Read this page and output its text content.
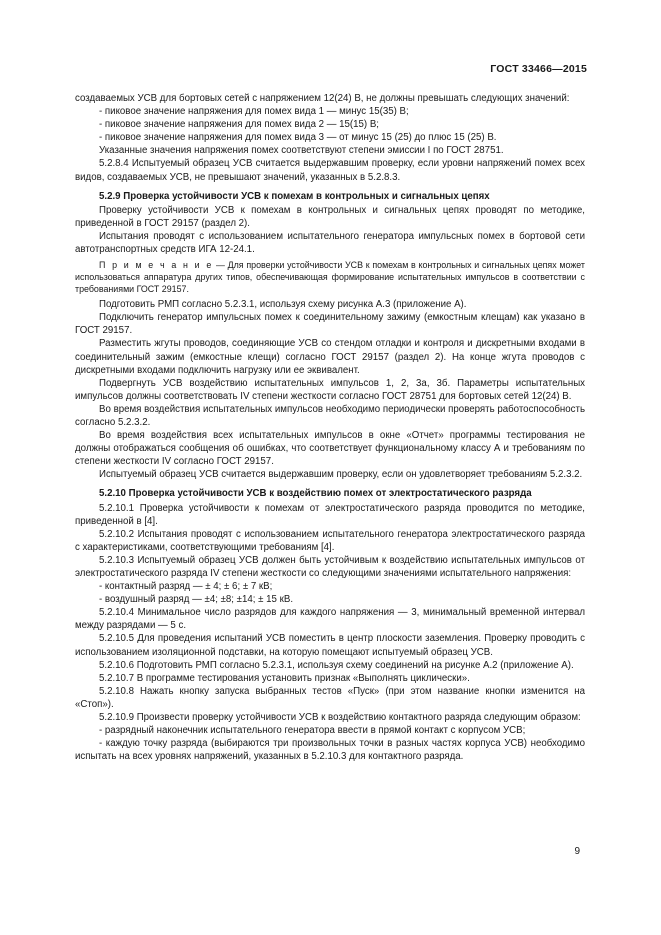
ГОСТ 33466—2015

создаваемых УСВ для бортовых сетей с напряжением 12(24) В, не должны превышать следующих значений:

- пиковое значение напряжения для помех вида 1 — минус 15(35) В;

- пиковое значение напряжения для помех вида 2 — 15(15) В;

- пиковое значение напряжения для помех вида 3 — от минус 15 (25) до плюс 15 (25) В.

Указанные значения напряжения помех соответствуют степени эмиссии I по ГОСТ 28751.

5.2.8.4 Испытуемый образец УСВ считается выдержавшим проверку, если уровни напряжений помех всех видов, создаваемых УСВ, не превышают значений, указанных в 5.2.8.3.

5.2.9 Проверка устойчивости УСВ к помехам в контрольных и сигнальных цепях

Проверку устойчивости УСВ к помехам в контрольных и сигнальных цепях проводят по методике, приведенной в ГОСТ 29157 (раздел 2).

Испытания проводят с использованием испытательного генератора импульсных помех в бортовой сети автотранспортных средств ИГА 12-24.1.

П р и м е ч а н и е — Для проверки устойчивости УСВ к помехам в контрольных и сигнальных цепях может использоваться аппаратура других типов, обеспечивающая формирование испытательных импульсов в соответствии с требованиями ГОСТ 29157.

Подготовить РМП согласно 5.2.3.1, используя схему рисунка А.3 (приложение А).

Подключить генератор импульсных помех к соединительному зажиму (емкостным клещам) как указано в ГОСТ 29157.

Разместить жгуты проводов, соединяющие УСВ со стендом отладки и контроля и дискретными входами в соединительный зажим (емкостные клещи) согласно ГОСТ 29157 (раздел 2). На конце жгута проводов с дискретными входами подключить нагрузку или ее эквивалент.

Подвергнуть УСВ воздействию испытательных импульсов 1, 2, 3а, 3б. Параметры испытательных импульсов должны соответствовать IV степени жесткости согласно ГОСТ 28751 для бортовых сетей 12(24) В.

Во время воздействия испытательных импульсов необходимо периодически проверять работоспособность согласно 5.2.3.2.

Во время воздействия всех испытательных импульсов в окне «Отчет» программы тестирования не должны отображаться сообщения об ошибках, что соответствует функциональному классу А и требованиям по степени жесткости IV согласно ГОСТ 29157.

Испытуемый образец УСВ считается выдержавшим проверку, если он удовлетворяет требованиям 5.2.3.2.

5.2.10 Проверка устойчивости УСВ к воздействию помех от электростатического разряда

5.2.10.1 Проверка устойчивости к помехам от электростатического разряда проводится по методике, приведенной в [4].

5.2.10.2 Испытания проводят с использованием испытательного генератора электростатического разряда с характеристиками, соответствующими требованиям [4].

5.2.10.3 Испытуемый образец УСВ должен быть устойчивым к воздействию испытательных импульсов от электростатического разряда IV степени жесткости со следующими значениями испытательного напряжения:

- контактный разряд — ± 4; ± 6; ± 7 кВ;

- воздушный разряд — ±4; ±8; ±14; ± 15 кВ.

5.2.10.4 Минимальное число разрядов для каждого напряжения — 3, минимальный временной интервал между разрядами — 5 с.

5.2.10.5 Для проведения испытаний УСВ поместить в центр плоскости заземления. Проверку проводить с использованием изоляционной подставки, на которую помещают испытуемый образец УСВ.

5.2.10.6 Подготовить РМП согласно 5.2.3.1, используя схему соединений на рисунке А.2 (приложение А).

5.2.10.7 В программе тестирования установить признак «Выполнять циклически».

5.2.10.8 Нажать кнопку запуска выбранных тестов «Пуск» (при этом название кнопки изменится на «Стоп»).

5.2.10.9 Произвести проверку устойчивости УСВ к воздействию контактного разряда следующим образом:

- разрядный наконечник испытательного генератора ввести в прямой контакт с корпусом УСВ;

- каждую точку разряда (выбираются три произвольных точки в разных частях корпуса УСВ) необходимо испытать на всех уровнях напряжений, указанных в 5.2.10.3 для контактного разряда.

9
